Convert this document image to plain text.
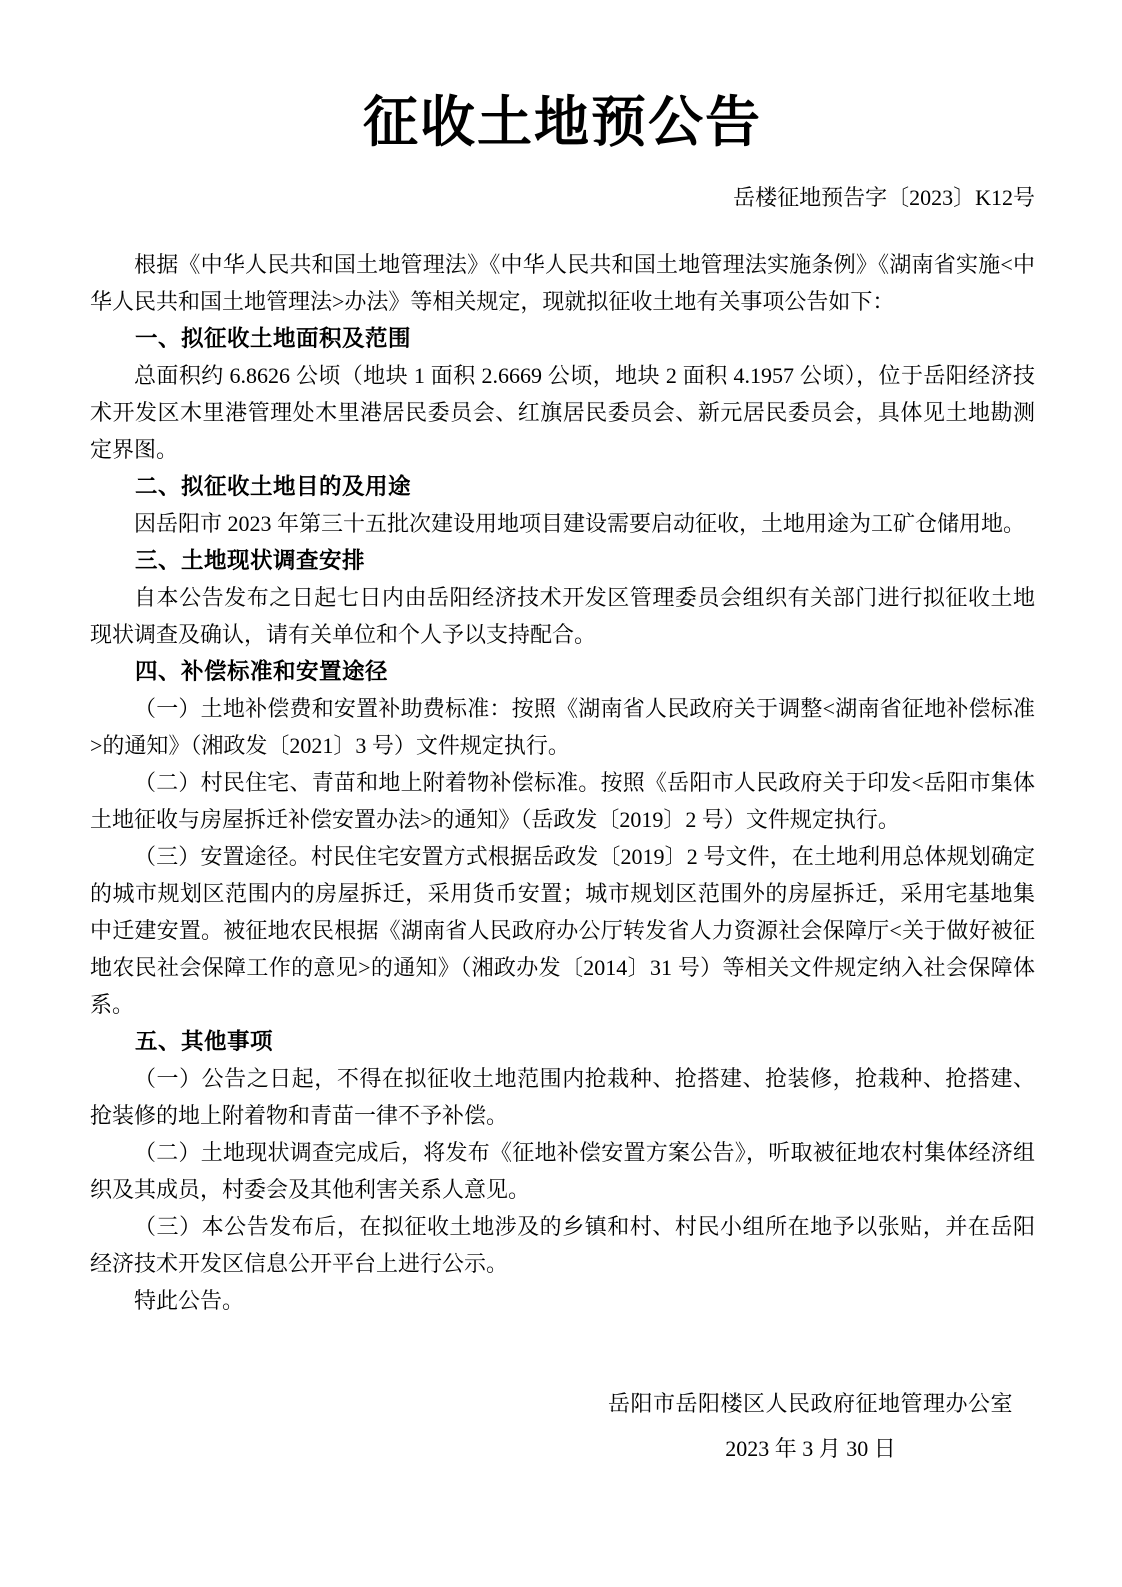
征收土地预公告
岳楼征地预告字〔2023〕K12号

根据《中华人民共和国土地管理法》《中华人民共和国土地管理法实施条例》《湖南省实施<中华人民共和国土地管理法>办法》等相关规定，现就拟征收土地有关事项公告如下：

一、拟征收土地面积及范围

总面积约 6.8626 公顷（地块 1 面积 2.6669 公顷，地块 2 面积 4.1957 公顷），位于岳阳经济技术开发区木里港管理处木里港居民委员会、红旗居民委员会、新元居民委员会，具体见土地勘测定界图。

二、拟征收土地目的及用途

因岳阳市 2023 年第三十五批次建设用地项目建设需要启动征收，土地用途为工矿仓储用地。

三、土地现状调查安排

自本公告发布之日起七日内由岳阳经济技术开发区管理委员会组织有关部门进行拟征收土地现状调查及确认，请有关单位和个人予以支持配合。

四、补偿标准和安置途径

（一）土地补偿费和安置补助费标准：按照《湖南省人民政府关于调整<湖南省征地补偿标准>的通知》（湘政发〔2021〕3 号）文件规定执行。

（二）村民住宅、青苗和地上附着物补偿标准。按照《岳阳市人民政府关于印发<岳阳市集体土地征收与房屋拆迁补偿安置办法>的通知》（岳政发〔2019〕2 号）文件规定执行。

（三）安置途径。村民住宅安置方式根据岳政发〔2019〕2 号文件，在土地利用总体规划确定的城市规划区范围内的房屋拆迁，采用货币安置；城市规划区范围外的房屋拆迁，采用宅基地集中迁建安置。被征地农民根据《湖南省人民政府办公厅转发省人力资源社会保障厅<关于做好被征地农民社会保障工作的意见>的通知》（湘政办发〔2014〕31 号）等相关文件规定纳入社会保障体系。

五、其他事项

（一）公告之日起，不得在拟征收土地范围内抢栽种、抢搭建、抢装修，抢栽种、抢搭建、抢装修的地上附着物和青苗一律不予补偿。

（二）土地现状调查完成后，将发布《征地补偿安置方案公告》，听取被征地农村集体经济组织及其成员，村委会及其他利害关系人意见。

（三）本公告发布后，在拟征收土地涉及的乡镇和村、村民小组所在地予以张贴，并在岳阳经济技术开发区信息公开平台上进行公示。

特此公告。

岳阳市岳阳楼区人民政府征地管理办公室
2023 年 3 月 30 日
